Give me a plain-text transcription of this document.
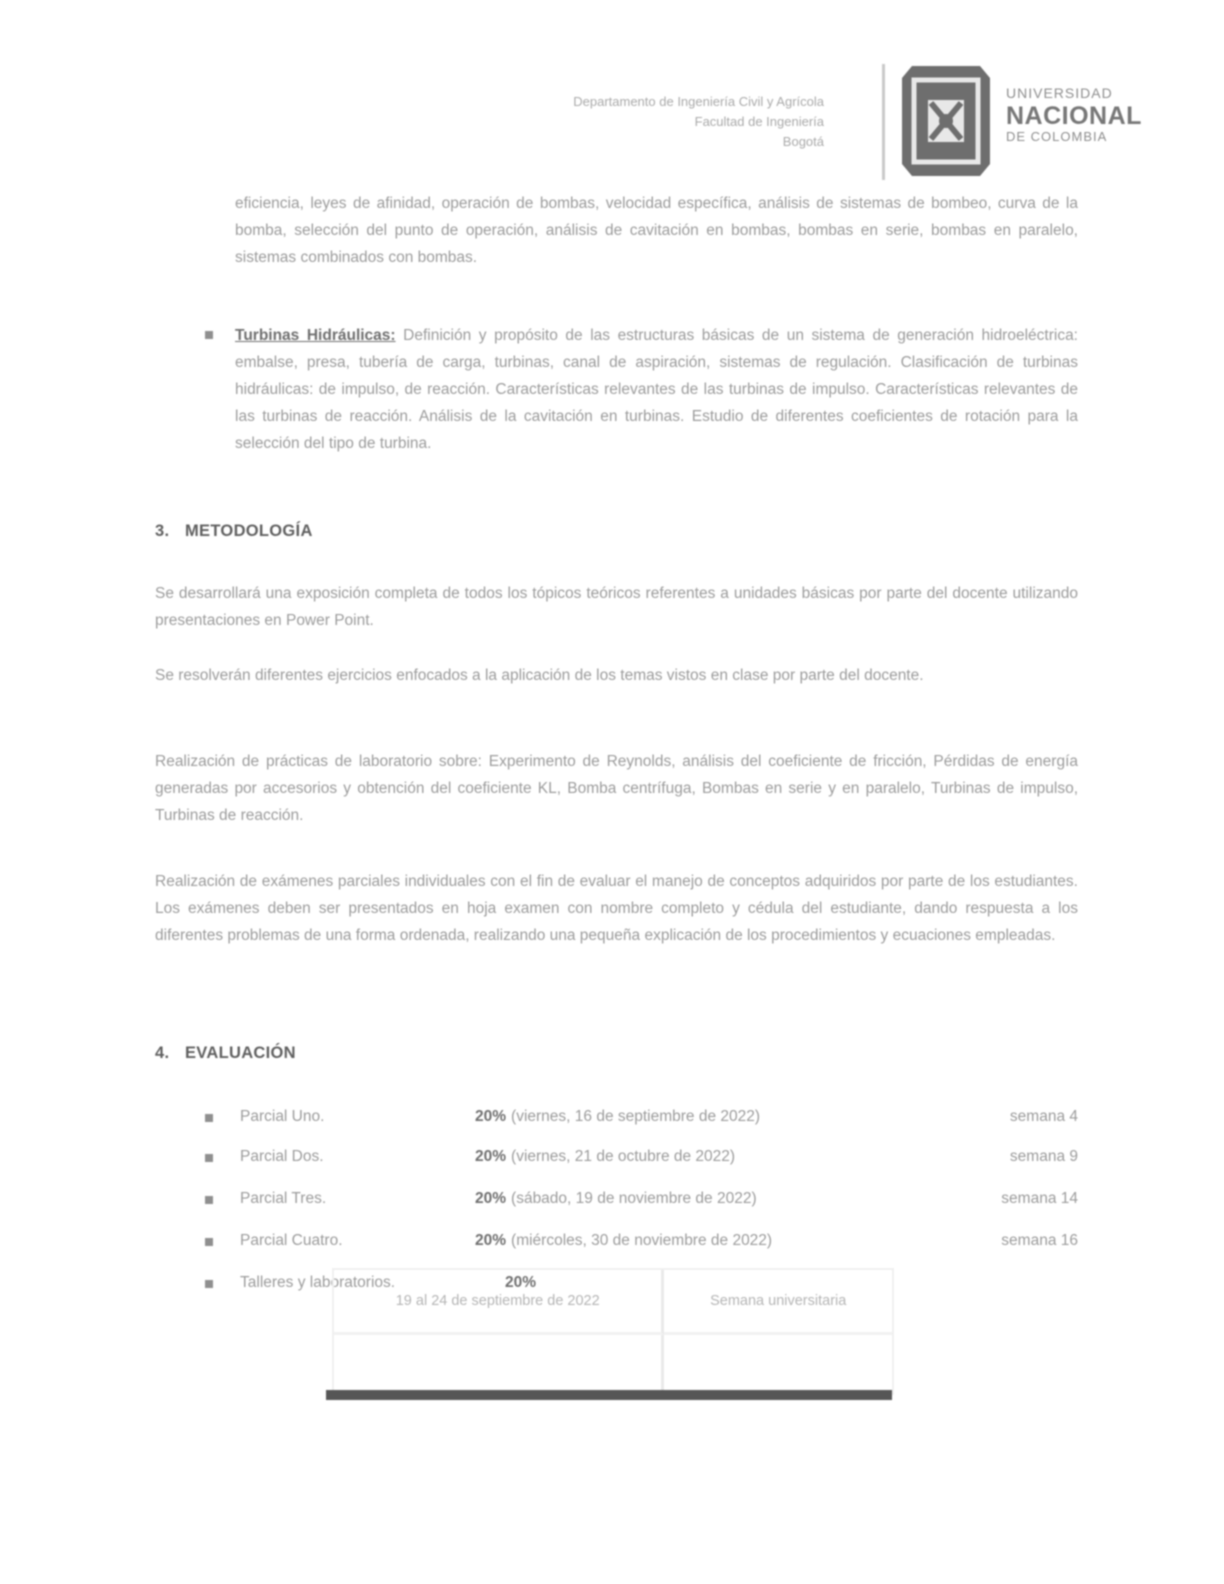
Departamento de Ingeniería Civil y Agrícola
Facultad de Ingeniería
Bogotá
UNIVERSIDAD
NACIONAL
DE COLOMBIA
eficiencia, leyes de afinidad, operación de bombas, velocidad específica, análisis de sistemas de bombeo, curva de la bomba, selección del punto de operación, análisis de cavitación en bombas, bombas en serie, bombas en paralelo, sistemas combinados con bombas.
Turbinas Hidráulicas: Definición y propósito de las estructuras básicas de un sistema de generación hidroeléctrica: embalse, presa, tubería de carga, turbinas, canal de aspiración, sistemas de regulación. Clasificación de turbinas hidráulicas: de impulso, de reacción. Características relevantes de las turbinas de impulso. Características relevantes de las turbinas de reacción. Análisis de la cavitación en turbinas. Estudio de diferentes coeficientes de rotación para la selección del tipo de turbina.
3. METODOLOGÍA
Se desarrollará una exposición completa de todos los tópicos teóricos referentes a unidades básicas por parte del docente utilizando presentaciones en Power Point.
Se resolverán diferentes ejercicios enfocados a la aplicación de los temas vistos en clase por parte del docente.
Realización de prácticas de laboratorio sobre: Experimento de Reynolds, análisis del coeficiente de fricción, Pérdidas de energía generadas por accesorios y obtención del coeficiente KL, Bomba centrífuga, Bombas en serie y en paralelo, Turbinas de impulso, Turbinas de reacción.
Realización de exámenes parciales individuales con el fin de evaluar el manejo de conceptos adquiridos por parte de los estudiantes. Los exámenes deben ser presentados en hoja examen con nombre completo y cédula del estudiante, dando respuesta a los diferentes problemas de una forma ordenada, realizando una pequeña explicación de los procedimientos y ecuaciones empleadas.
4. EVALUACIÓN
Parcial Uno.	20% (viernes, 16 de septiembre de 2022)	semana 4
Parcial Dos.	20% (viernes, 21 de octubre de 2022)	semana 9
Parcial Tres.	20% (sábado, 19 de noviembre de 2022)	semana 14
Parcial Cuatro.	20% (miércoles, 30 de noviembre de 2022)	semana 16
Talleres y laboratorios.	20%
19 al 24 de septiembre de 2022	Semana universitaria
